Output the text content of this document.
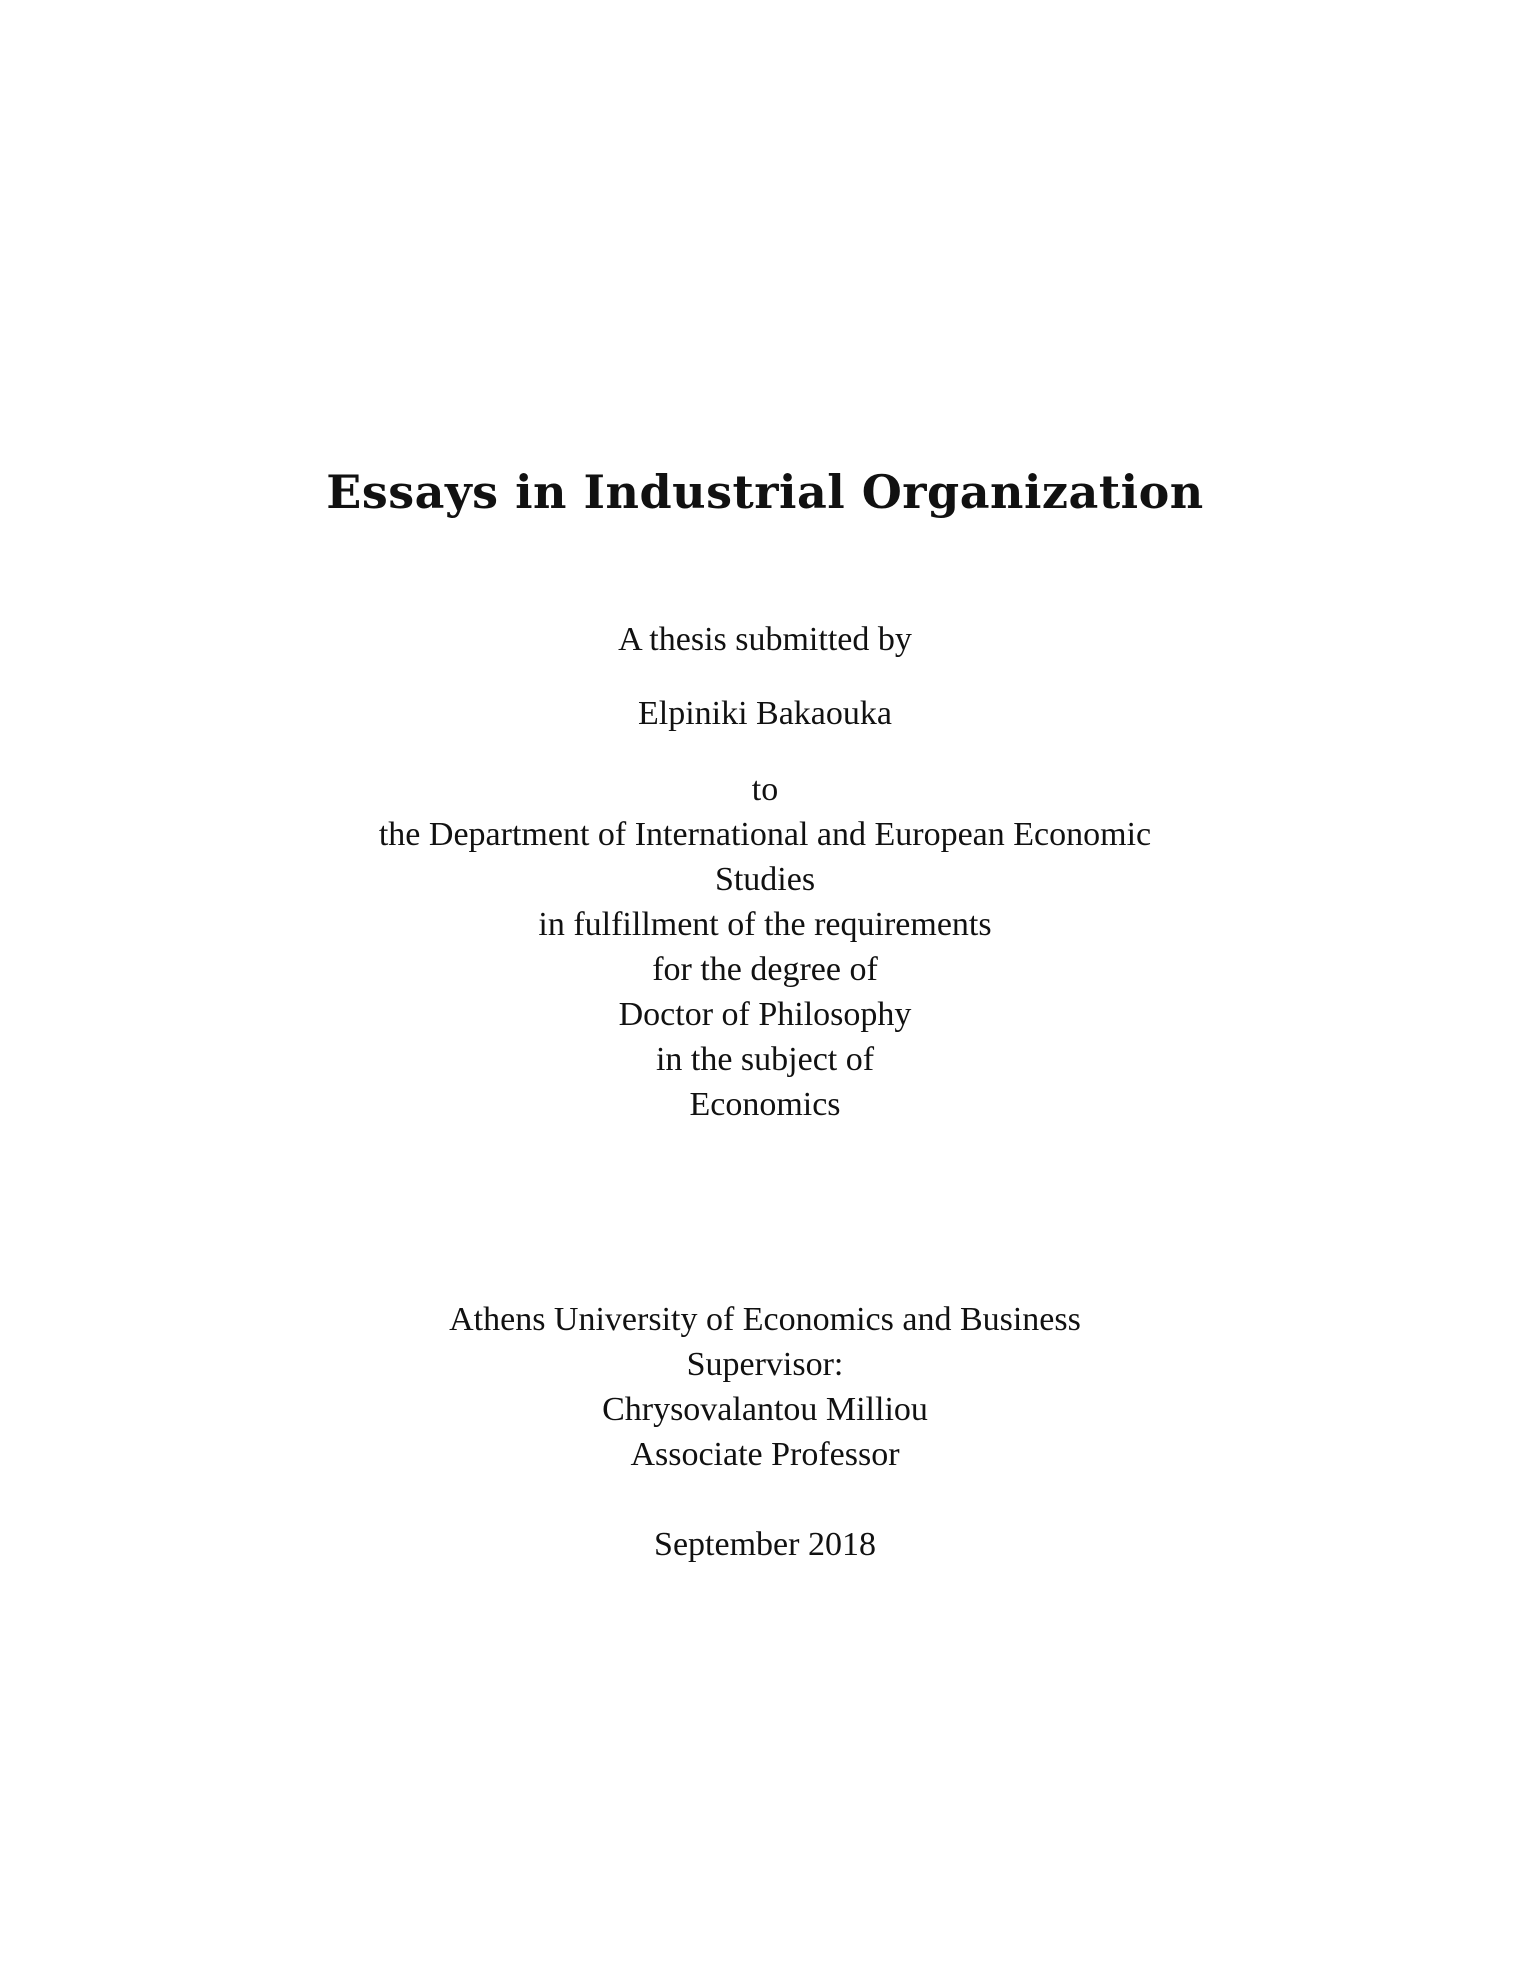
Essays in Industrial Organization
A thesis submitted by
Elpiniki Bakaouka
to
the Department of International and European Economic
Studies
in fulfillment of the requirements
for the degree of
Doctor of Philosophy
in the subject of
Economics
Athens University of Economics and Business
Supervisor:
Chrysovalantou Milliou
Associate Professor
September 2018
